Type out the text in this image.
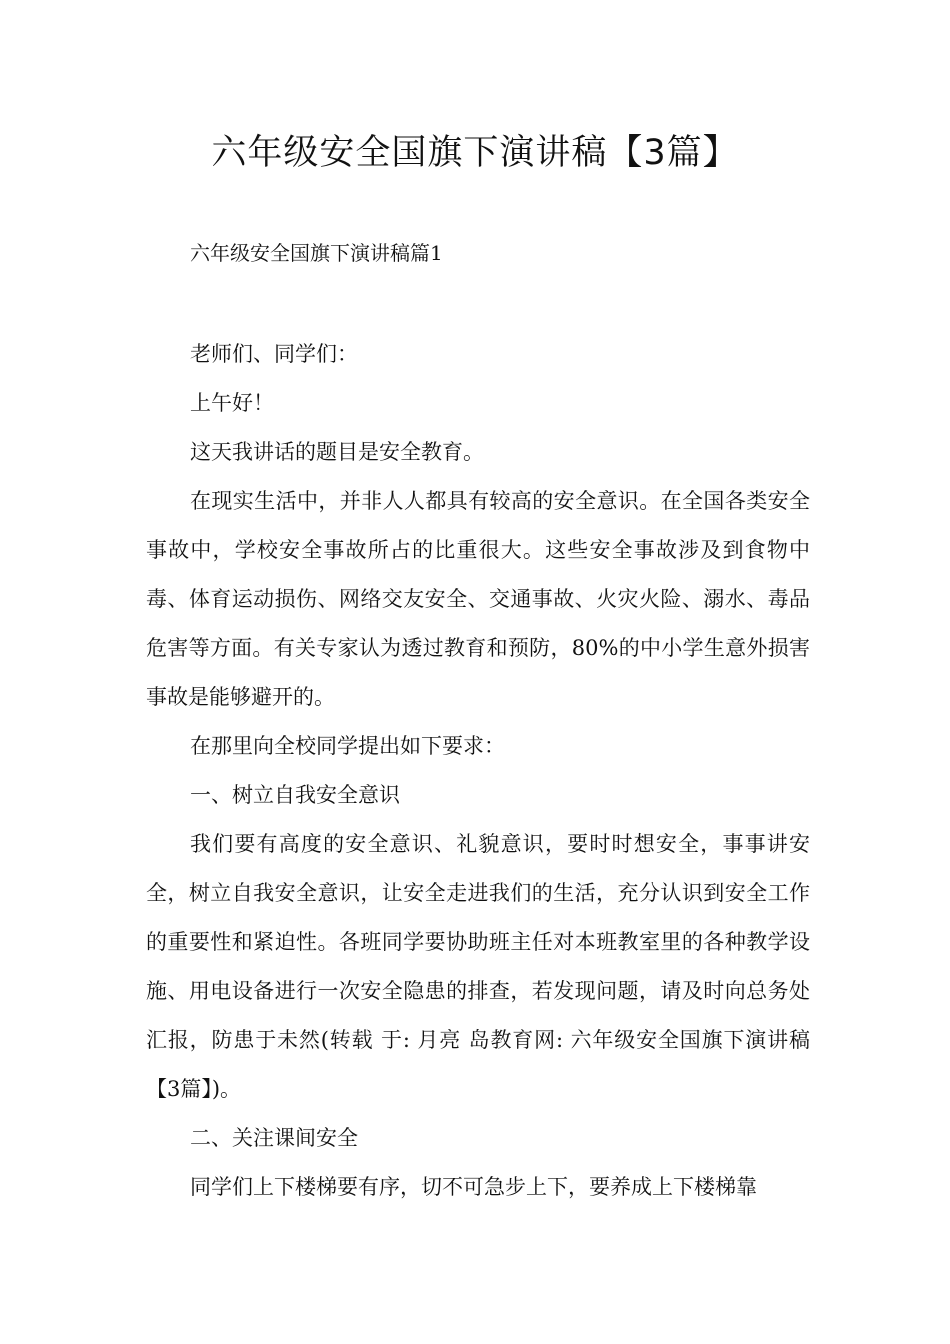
六年级安全国旗下演讲稿【3篇】

六年级安全国旗下演讲稿篇1

老师们、同学们：

上午好！

这天我讲话的题目是安全教育。

在现实生活中，并非人人都具有较高的安全意识。在全国各类安全事故中，学校安全事故所占的比重很大。这些安全事故涉及到食物中毒、体育运动损伤、网络交友安全、交通事故、火灾火险、溺水、毒品危害等方面。有关专家认为透过教育和预防，80%的中小学生意外损害事故是能够避开的。

在那里向全校同学提出如下要求：

一、树立自我安全意识

我们要有高度的安全意识、礼貌意识，要时时想安全，事事讲安全，树立自我安全意识，让安全走进我们的生活，充分认识到安全工作的重要性和紧迫性。各班同学要协助班主任对本班教室里的各种教学设施、用电设备进行一次安全隐患的排查，若发现问题，请及时向总务处汇报，防患于未然(转载 于: 月亮 岛教育网: 六年级安全国旗下演讲稿【3篇】)。

二、关注课间安全

同学们上下楼梯要有序，切不可急步上下，要养成上下楼梯靠
